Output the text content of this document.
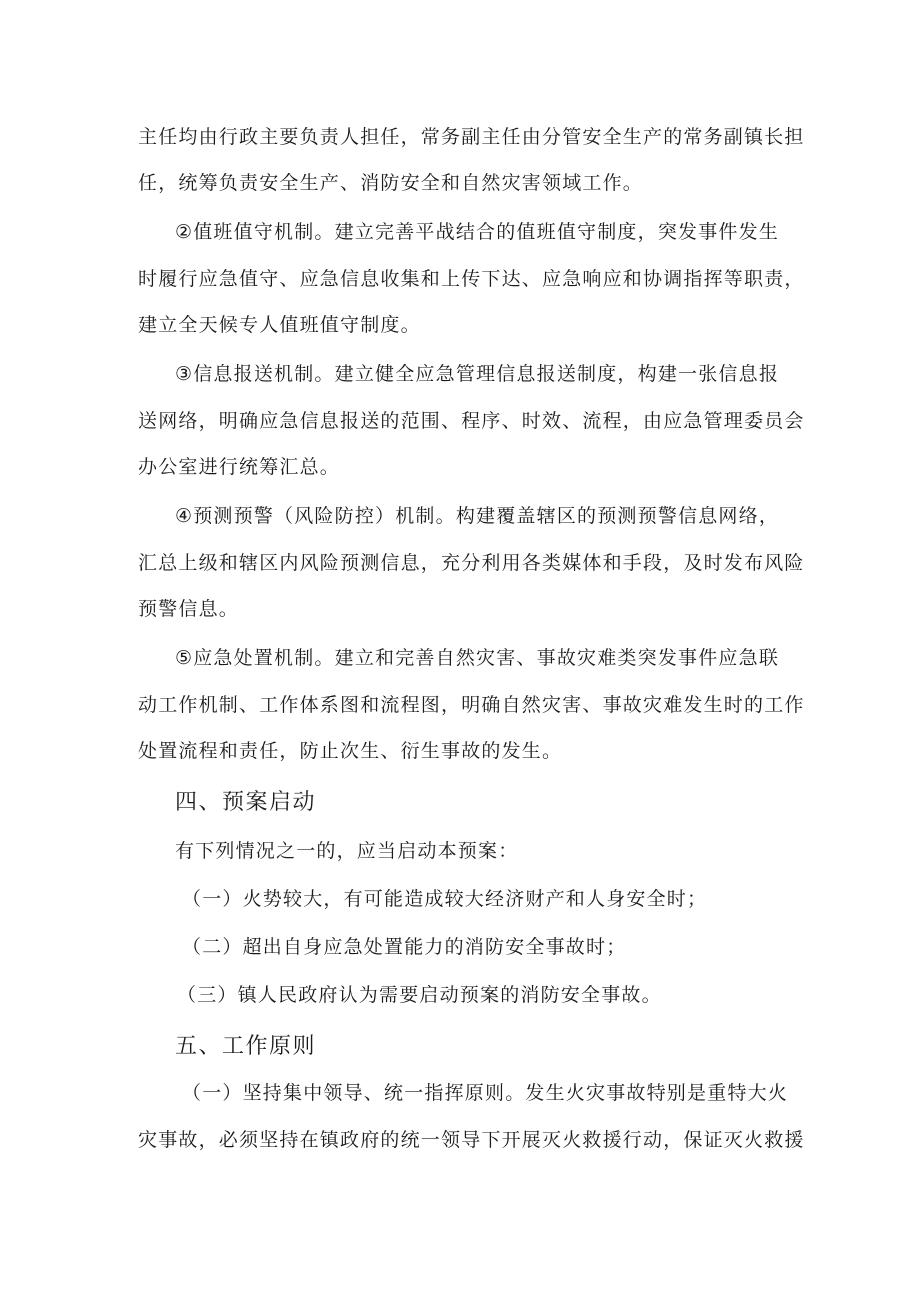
主任均由行政主要负责人担任，常务副主任由分管安全生产的常务副镇长担
任，统筹负责安全生产、消防安全和自然灾害领域工作。
②值班值守机制。建立完善平战结合的值班值守制度，突发事件发生
时履行应急值守、应急信息收集和上传下达、应急响应和协调指挥等职责，
建立全天候专人值班值守制度。
③信息报送机制。建立健全应急管理信息报送制度，构建一张信息报
送网络，明确应急信息报送的范围、程序、时效、流程，由应急管理委员会
办公室进行统筹汇总。
④预测预警（风险防控）机制。构建覆盖辖区的预测预警信息网络，
汇总上级和辖区内风险预测信息，充分利用各类媒体和手段，及时发布风险
预警信息。
⑤应急处置机制。建立和完善自然灾害、事故灾难类突发事件应急联
动工作机制、工作体系图和流程图，明确自然灾害、事故灾难发生时的工作
处置流程和责任，防止次生、衍生事故的发生。
四、预案启动
有下列情况之一的，应当启动本预案：
（一）火势较大，有可能造成较大经济财产和人身安全时；
（二）超出自身应急处置能力的消防安全事故时；
（三）镇人民政府认为需要启动预案的消防安全事故。
五、工作原则
（一）坚持集中领导、统一指挥原则。发生火灾事故特别是重特大火
灾事故，必须坚持在镇政府的统一领导下开展灭火救援行动，保证灭火救援
